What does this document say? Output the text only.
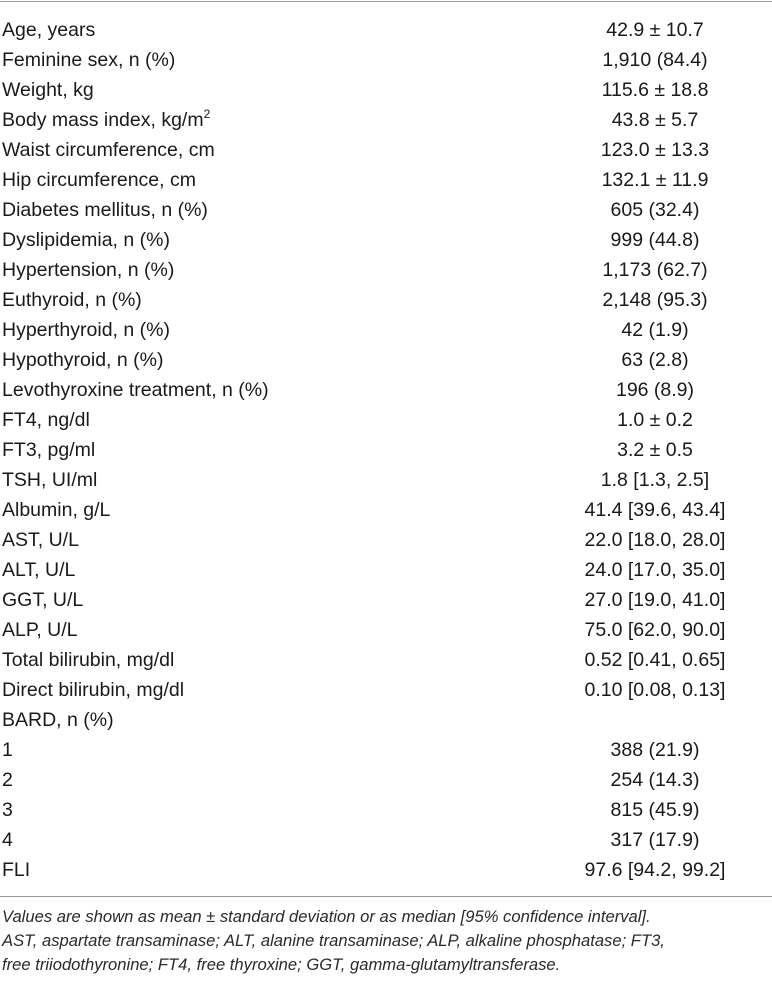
Age, years	42.9 ± 10.7
Feminine sex, n (%)	1,910 (84.4)
Weight, kg	115.6 ± 18.8
Body mass index, $kg/m^2$	43.8 ± 5.7
Waist circumference, cm	123.0 ± 13.3
Hip circumference, cm	132.1 ± 11.9
Diabetes mellitus, n (%)	605 (32.4)
Dyslipidemia, n (%)	999 (44.8)
Hypertension, n (%)	1,173 (62.7)
Euthyroid, n (%)	2,148 (95.3)
Hyperthyroid, n (%)	42 (1.9)
Hypothyroid, n (%)	63 (2.8)
Levothyroxine treatment, n (%)	196 (8.9)
FT4, ng/dl	1.0 ± 0.2
FT3, pg/ml	3.2 ± 0.5
TSH, UI/ml	1.8 [1.3, 2.5]
Albumin, g/L	41.4 [39.6, 43.4]
AST, U/L	22.0 [18.0, 28.0]
ALT, U/L	24.0 [17.0, 35.0]
GGT, U/L	27.0 [19.0, 41.0]
ALP, U/L	75.0 [62.0, 90.0]
Total bilirubin, mg/dl	0.52 [0.41, 0.65]
Direct bilirubin, mg/dl	0.10 [0.08, 0.13]
BARD, n (%)
1	388 (21.9)
2	254 (14.3)
3	815 (45.9)
4	317 (17.9)
FLI	97.6 [94.2, 99.2]
Values are shown as mean ± standard deviation or as median [95% confidence interval].
AST, aspartate transaminase; ALT, alanine transaminase; ALP, alkaline phosphatase; FT3,
free triiodothyronine; FT4, free thyroxine; GGT, gamma-glutamyltransferase.
